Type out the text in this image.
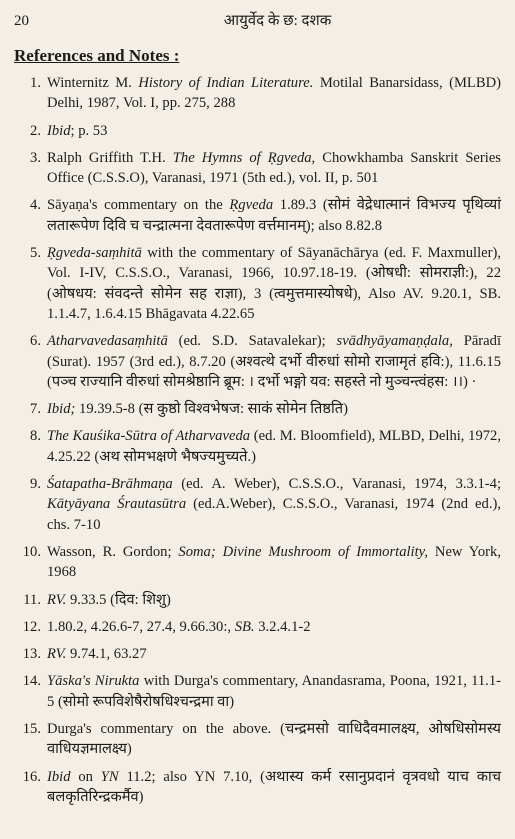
20	आयुर्वेद के छ: दशक
References and Notes :
1. Winternitz M. History of Indian Literature. Motilal Banarsidass, (MLBD) Delhi, 1987, Vol. I, pp. 275, 288
2. Ibid; p. 53
3. Ralph Griffith T.H. The Hymns of Ṛgveda, Chowkhamba Sanskrit Series Office (C.S.S.O), Varanasi, 1971 (5th ed.), vol. II, p. 501
4. Sāyaṇa's commentary on the Ṛgveda 1.89.3 (सोमं वेद्रेधात्मानं विभज्य पृथिव्यां लतारूपेण दिवि च चन्द्रात्मना देवतारूपेण वर्त्तमानम्); also 8.82.8
5. Ṛgveda-saṃhitā with the commentary of Sāyanāchārya (ed. F. Maxmuller), Vol. I-IV, C.S.S.O., Varanasi, 1966, 10.97.18-19. (ओषधी: सोमराज्ञी:), 22 (ओषधय: संवदन्ते सोमेन सह राज्ञा), 3 (त्वमुत्तमास्योषधे), Also AV. 9.20.1, SB. 1.1.4.7, 1.6.4.15 Bhāgavata 4.22.65
6. Atharvavedasaṃhitā (ed. S.D. Satavalekar); svādhyāyamaṇḍala, Pāradī (Surat). 1957 (3rd ed.), 8.7.20 (अश्वत्थे दर्भो वीरुधां सोमो राजामृतं हवि:), 11.6.15 (पञ्च राज्यानि वीरुधां सोमश्रेष्ठानि ब्रूम: । दर्भो भङ्गो यव: सहस्ते नो मुञ्चन्त्वंहस: ।।) ·
7. Ibid; 19.39.5-8 (स कुष्ठो विश्वभेषज: साकं सोमेन तिष्ठति)
8. The Kauśika-Sūtra of Atharvaveda (ed. M. Bloomfield), MLBD, Delhi, 1972, 4.25.22 (अथ सोमभक्षणे भैषज्यमुच्यते.)
9. Śatapatha-Brāhmaṇa (ed. A. Weber), C.S.S.O., Varanasi, 1974, 3.3.1-4; Kātyāyana Śrautasūtra (ed.A.Weber), C.S.S.O., Varanasi, 1974 (2nd ed.), chs. 7-10
10. Wasson, R. Gordon; Soma; Divine Mushroom of Immortality, New York, 1968
11. RV. 9.33.5 (दिव: शिशु)
12. 1.80.2, 4.26.6-7, 27.4, 9.66.30:, SB. 3.2.4.1-2
13. RV. 9.74.1, 63.27
14. Yāska's Nirukta with Durga's commentary, Anandasrama, Poona, 1921, 11.1-5 (सोमो रूपविशेषैरोषधिश्चन्द्रमा वा)
15. Durga's commentary on the above. (चन्द्रमसो वाधिदैवमालक्ष्य, ओषधिसोमस्य वाधियज्ञमालक्ष्य)
16. Ibid on YN 11.2; also YN 7.10, (अथास्य कर्म रसानुप्रदानं वृत्रवधो याच काच बलकृतिरिन्द्रकर्मैव)
